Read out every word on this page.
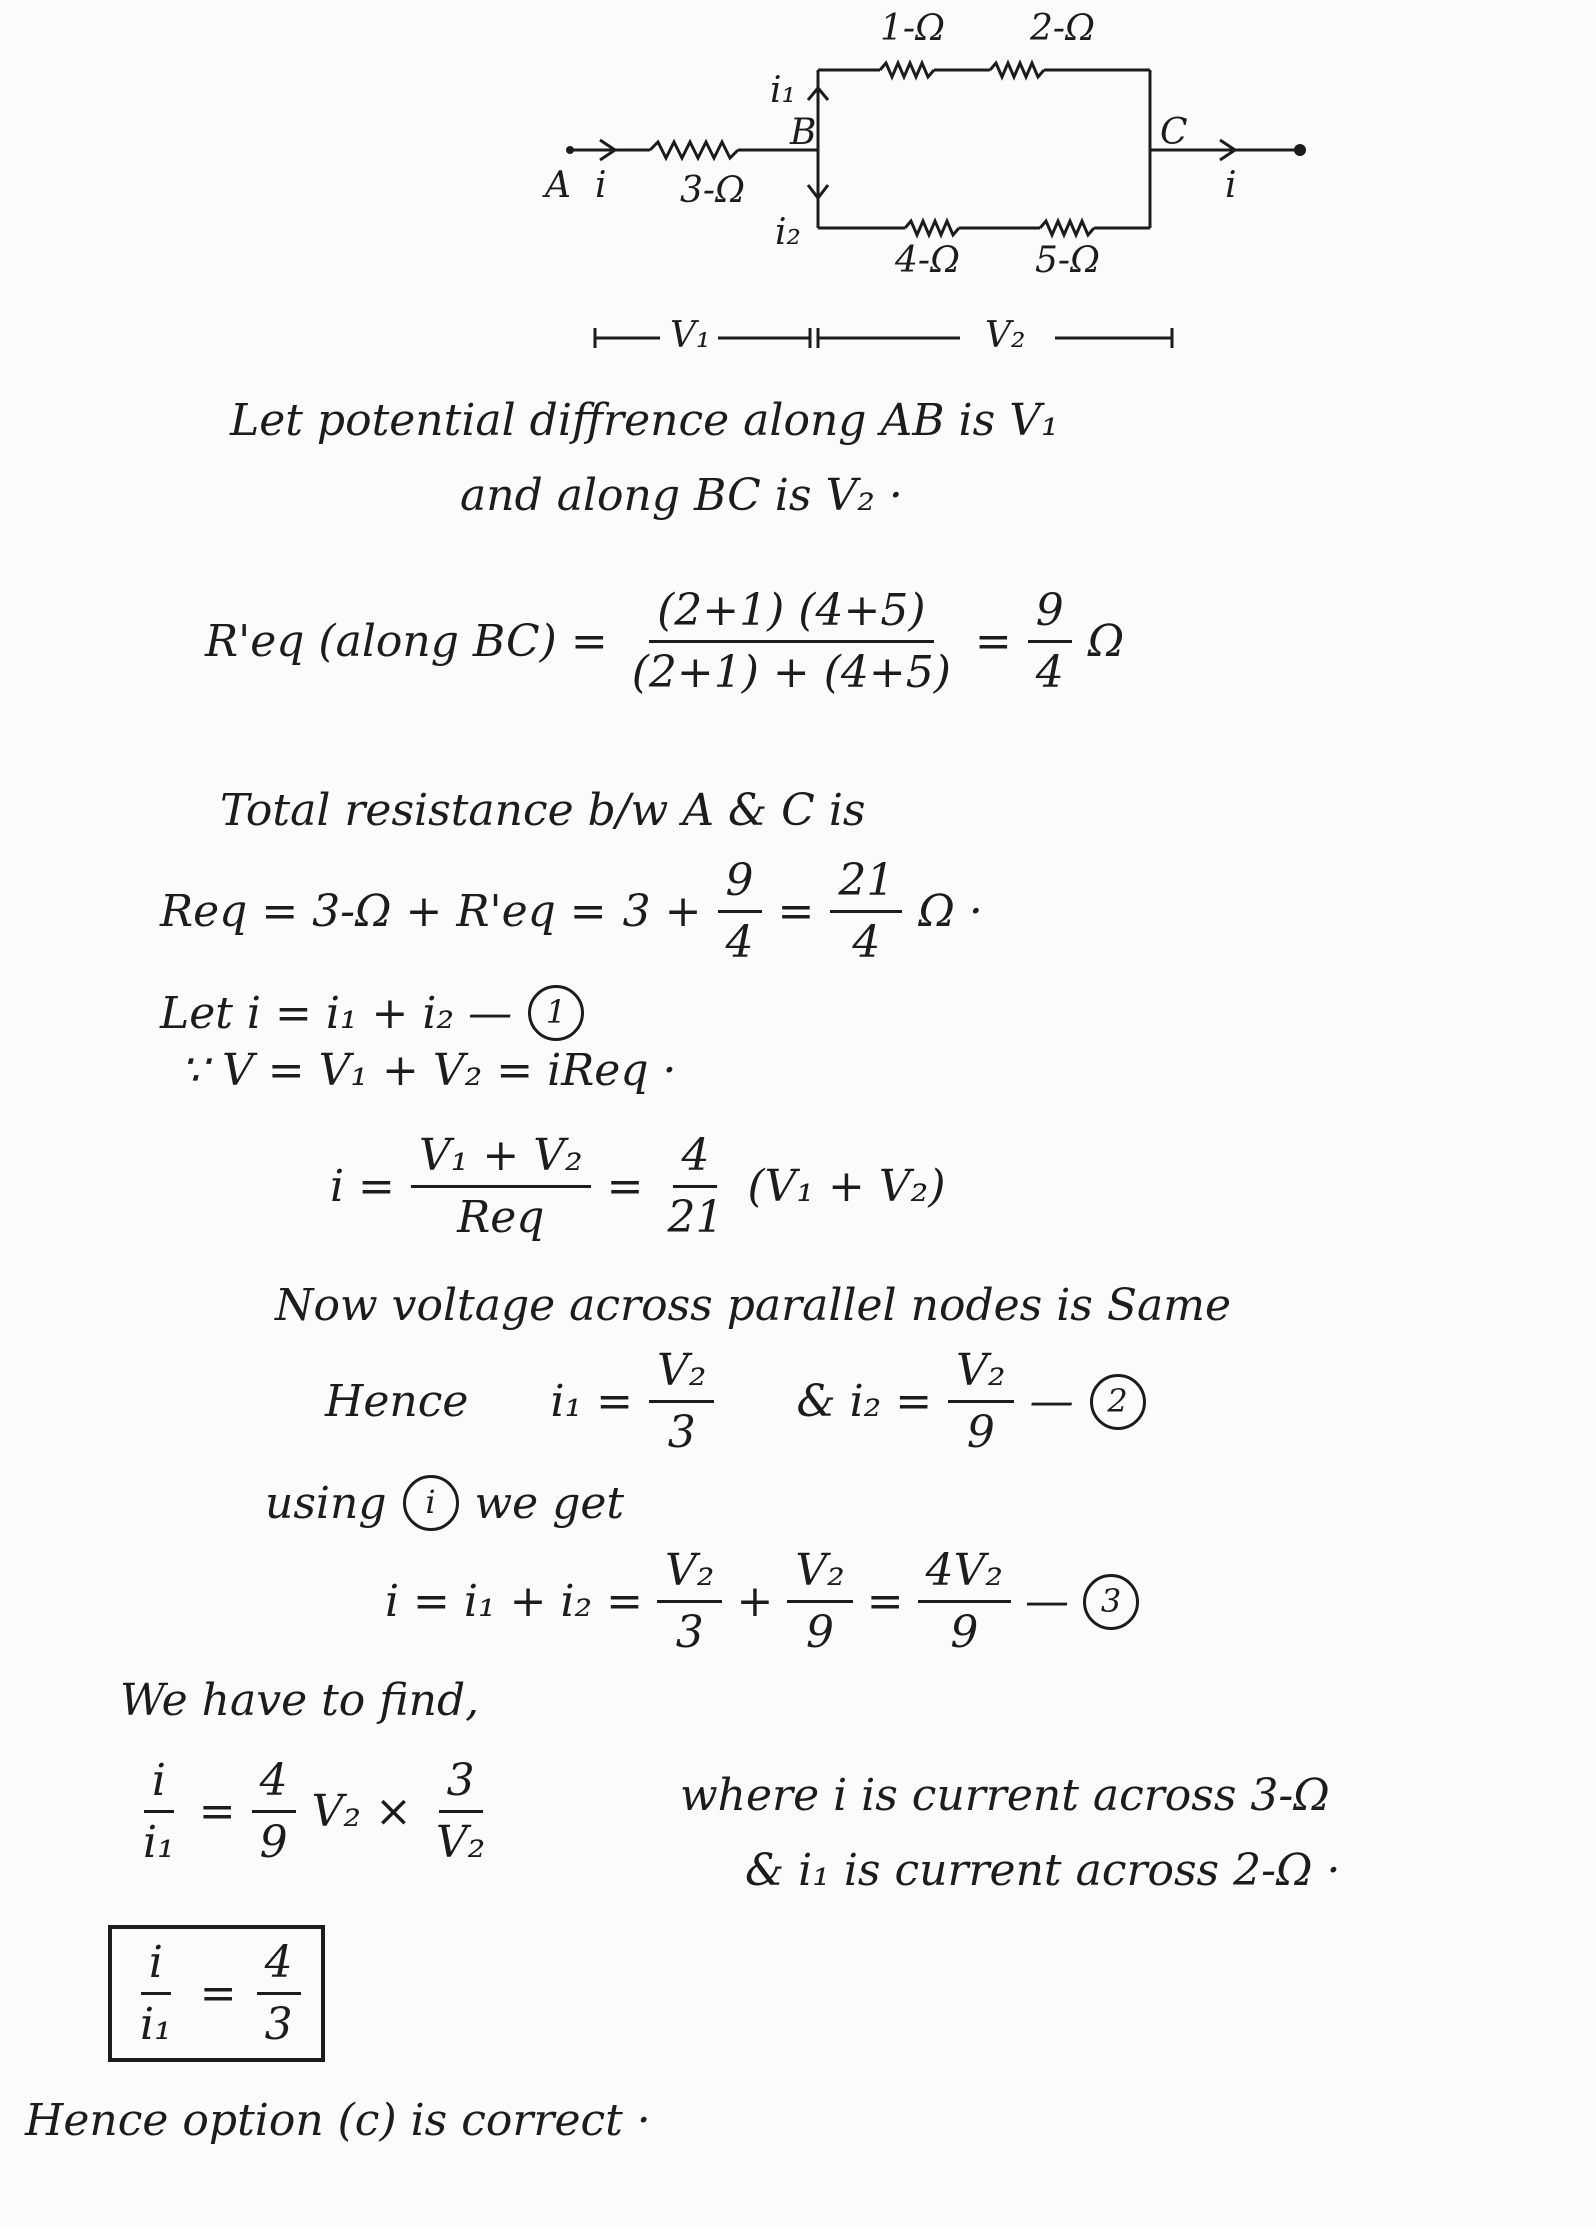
1-Ω 2-Ω
i₁
B	C
A i 3-Ω	i
i₂
4-Ω 5-Ω
V₁	V₂
Let potential diffrence along AB is V₁
and along BC is V₂ ·
R'eq (along $BC) = \frac{(2+1) (4+5)}{(2+1) + (4+5)} = \frac{9}{4}$ Ω
Total resistance b/w A & C is
Req = $3-\Omega + R'eq = 3 + \frac{9}{4} = \frac{21}{4}$ Ω ·
Let i = i₁ + i₂ —	1
∵ V = V₁ + V₂ = iReq ·
$i = \frac{\text{V₁ + V₂}}{\text{Req}} = \frac{4}{21} (V_1 + V_2)$
Now voltage across parallel nodes is Same
Hence $i_1 = \frac{\text{V₂}}{3}$ & $i_2 = \frac{\text{V₂}}{9}$ —	2
using	i we get
$i = i_1 + i_2 = \frac{\text{V₂}}{3} + \frac{\text{V₂}}{9} = \frac{\text{4V₂}}{9}$ — 3
We have to find,
$\frac{i}{\text{i₁}} = \frac{4}{9} V_2 \times \frac{3}{\text{V₂}}$	where i is current across 3-Ω
& i₁ is current across 2-Ω ·
$\frac{i}{\text{i₁}} = \frac{4}{3}$
Hence option (c) is correct ·
